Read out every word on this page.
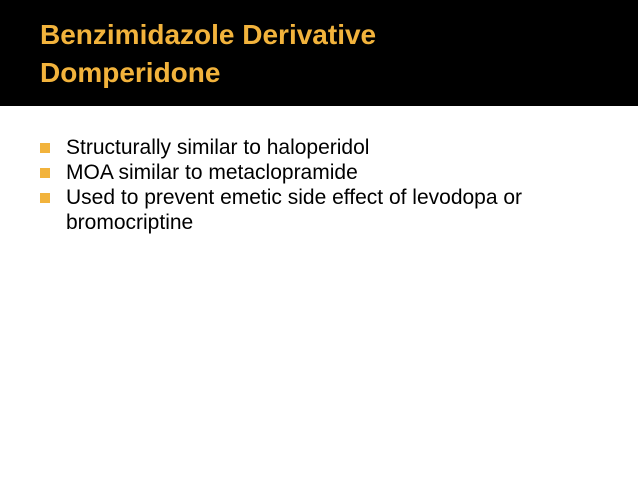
Benzimidazole Derivative
Domperidone
Structurally similar to haloperidol
MOA similar to metaclopramide
Used to prevent emetic side effect of levodopa or bromocriptine
